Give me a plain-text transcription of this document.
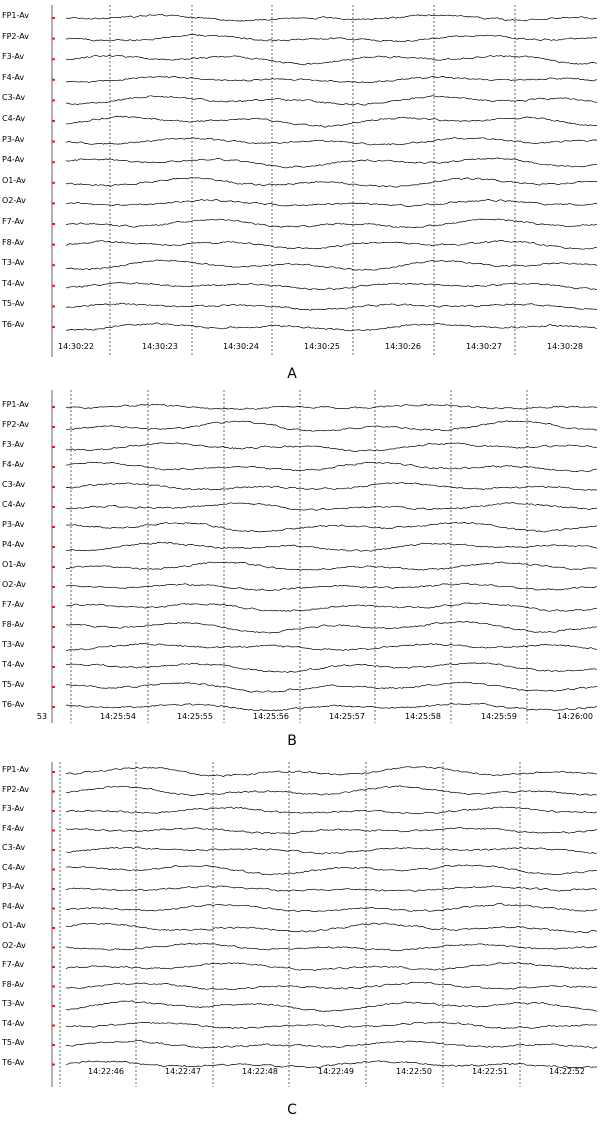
FP1-Av
FP2-Av
F3-Av
F4-Av
C3-Av
C4-Av
P3-Av
P4-Av
O1-Av
O2-Av
F7-Av
F8-Av
T3-Av
T4-Av
T5-Av
T6-Av
14:30:22	14:30:23	14:30:24	14:30:25	14:30:26	14:30:27	14:30:28
A
FP1-Av
FP2-Av
F3-Av
F4-Av
C3-Av
C4-Av
P3-Av
P4-Av
O1-Av
O2-Av
F7-Av
F8-Av
T3-Av
T4-Av
T5-Av
T6-Av
53	14:25:54	14:25:55	14:25:56	14:25:57	14:25:58	14:25:59	14:26:00
B
FP1-Av
FP2-Av
F3-Av
F4-Av
C3-Av
C4-Av
P3-Av
P4-Av
O1-Av
O2-Av
F7-Av
F8-Av
T3-Av
T4-Av
T5-Av
T6-Av
14:22:46	14:22:47	14:22:48	14:22:49	14:22:50	14:22:51	14:22:52
C
